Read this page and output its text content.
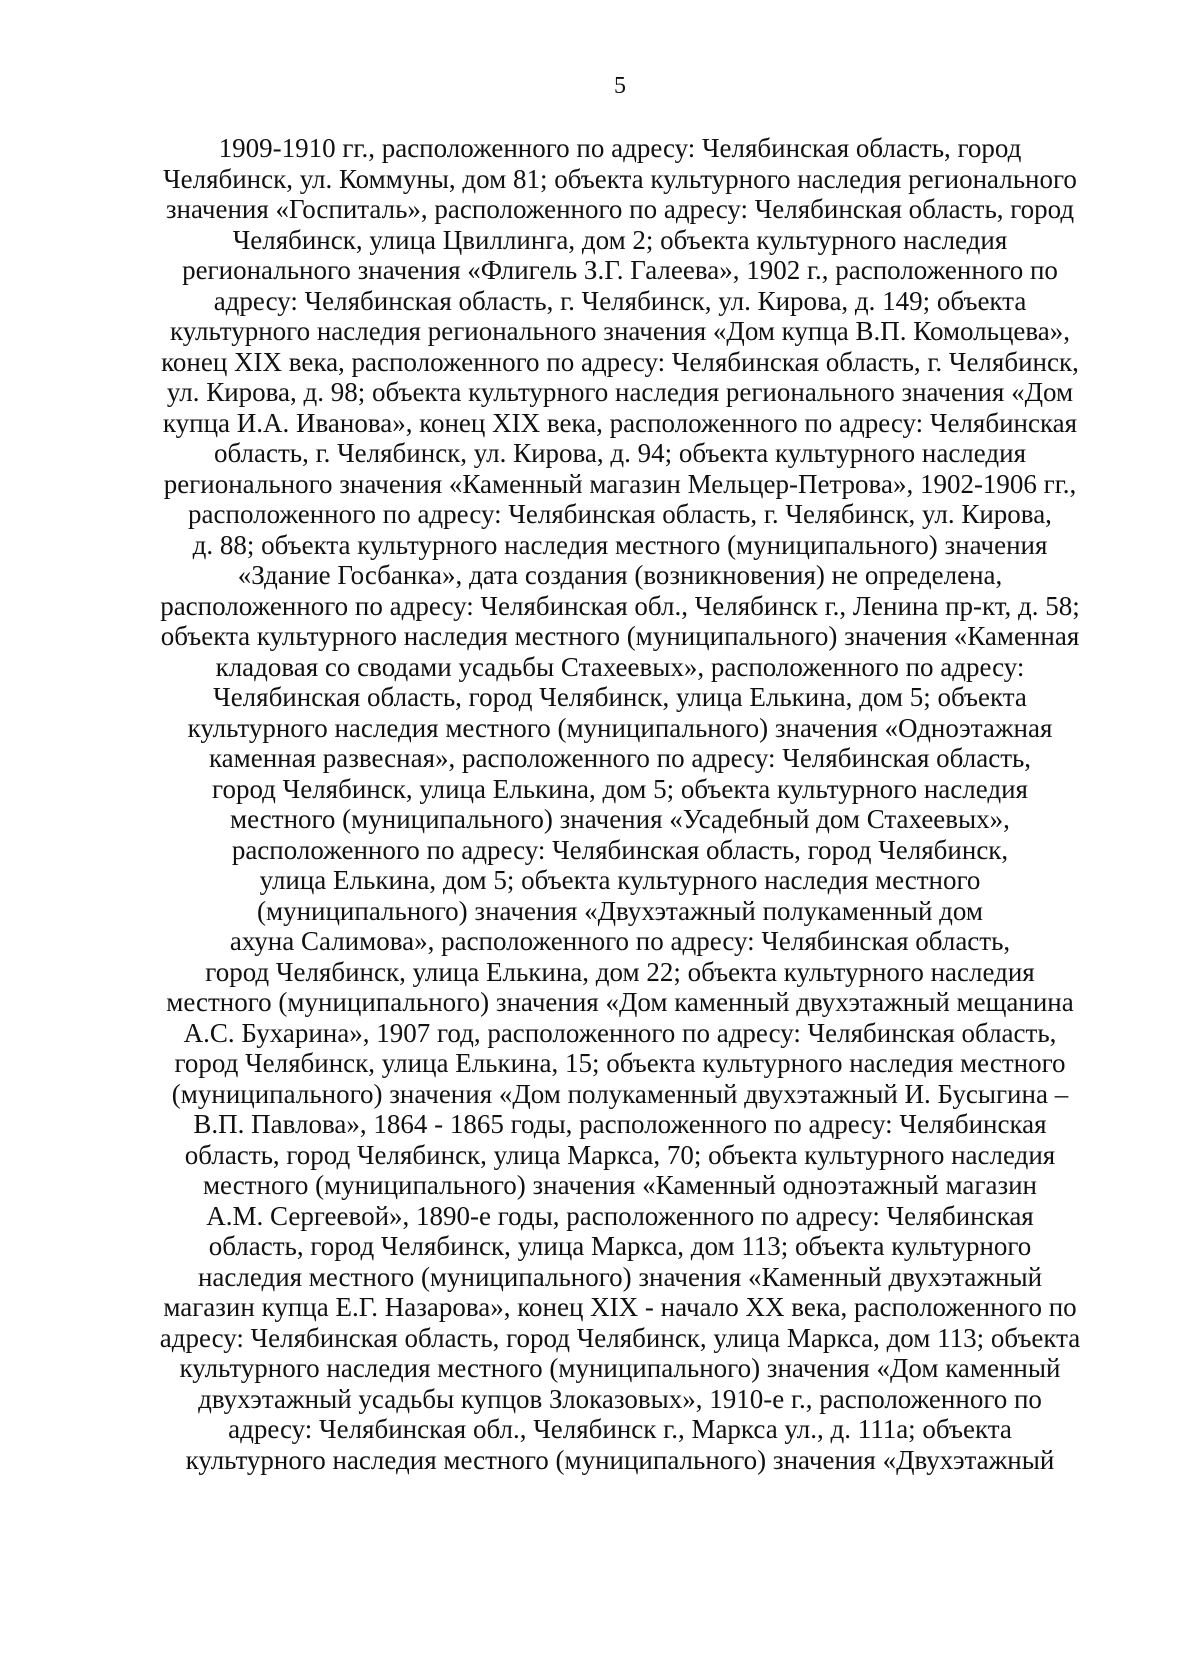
5
1909-1910 гг., расположенного по адресу: Челябинская область, город
Челябинск, ул. Коммуны, дом 81; объекта культурного наследия регионального
значения «Госпиталь», расположенного по адресу: Челябинская область, город
Челябинск, улица Цвиллинга, дом 2; объекта культурного наследия
регионального значения «Флигель З.Г. Галеева», 1902 г., расположенного по
адресу: Челябинская область, г. Челябинск, ул. Кирова, д. 149; объекта
культурного наследия регионального значения «Дом купца В.П. Комольцева»,
конец XIX века, расположенного по адресу: Челябинская область, г. Челябинск,
ул. Кирова, д. 98; объекта культурного наследия регионального значения «Дом
купца И.А. Иванова», конец XIX века, расположенного по адресу: Челябинская
область, г. Челябинск, ул. Кирова, д. 94; объекта культурного наследия
регионального значения «Каменный магазин Мельцер-Петрова», 1902-1906 гг.,
расположенного по адресу: Челябинская область, г. Челябинск, ул. Кирова,
д. 88; объекта культурного наследия местного (муниципального) значения
«Здание Госбанка», дата создания (возникновения) не определена,
расположенного по адресу: Челябинская обл., Челябинск г., Ленина пр-кт, д. 58;
объекта культурного наследия местного (муниципального) значения «Каменная
кладовая со сводами усадьбы Стахеевых», расположенного по адресу:
Челябинская область, город Челябинск, улица Елькина, дом 5; объекта
культурного наследия местного (муниципального) значения «Одноэтажная
каменная развесная», расположенного по адресу: Челябинская область,
город Челябинск, улица Елькина, дом 5; объекта культурного наследия
местного (муниципального) значения «Усадебный дом Стахеевых»,
расположенного по адресу: Челябинская область, город Челябинск,
улица Елькина, дом 5; объекта культурного наследия местного
(муниципального) значения «Двухэтажный полукаменный дом
ахуна Салимова», расположенного по адресу: Челябинская область,
город Челябинск, улица Елькина, дом 22; объекта культурного наследия
местного (муниципального) значения «Дом каменный двухэтажный мещанина
А.С. Бухарина», 1907 год, расположенного по адресу: Челябинская область,
город Челябинск, улица Елькина, 15; объекта культурного наследия местного
(муниципального) значения «Дом полукаменный двухэтажный И. Бусыгина –
В.П. Павлова», 1864 - 1865 годы, расположенного по адресу: Челябинская
область, город Челябинск, улица Маркса, 70; объекта культурного наследия
местного (муниципального) значения «Каменный одноэтажный магазин
А.М. Сергеевой», 1890-е годы, расположенного по адресу: Челябинская
область, город Челябинск, улица Маркса, дом 113; объекта культурного
наследия местного (муниципального) значения «Каменный двухэтажный
магазин купца Е.Г. Назарова», конец XIX - начало XX века, расположенного по
адресу: Челябинская область, город Челябинск, улица Маркса, дом 113; объекта
культурного наследия местного (муниципального) значения «Дом каменный
двухэтажный усадьбы купцов Злоказовых», 1910-е г., расположенного по
адресу: Челябинская обл., Челябинск г., Маркса ул., д. 111а; объекта
культурного наследия местного (муниципального) значения «Двухэтажный
